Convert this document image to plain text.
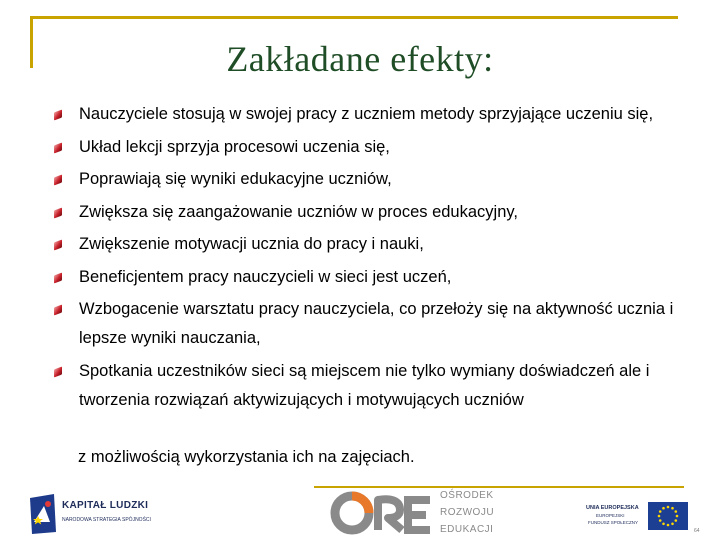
Zakładane efekty:
Nauczyciele stosują w swojej pracy z uczniem metody sprzyjające uczeniu się,
Układ lekcji sprzyja procesowi uczenia się,
Poprawiają się wyniki edukacyjne uczniów,
Zwiększa się zaangażowanie uczniów w proces edukacyjny,
Zwiększenie motywacji ucznia do pracy i nauki,
Beneficjentem pracy nauczycieli w sieci jest uczeń,
Wzbogacenie warsztatu pracy nauczyciela, co przełoży się na aktywność ucznia i lepsze wyniki nauczania,
Spotkania uczestników sieci są miejscem nie tylko wymiany doświadczeń ale i tworzenia rozwiązań aktywizujących i motywujących uczniów
z możliwością wykorzystania ich na zajęciach.
KAPITAŁ LUDZKI
NARODOWA STRATEGIA SPÓJNOŚCI
OŚRODEK
ROZWOJU
EDUKACJI
UNIA EUROPEJSKA
EUROPEJSKI
FUNDUSZ SPOŁECZNY
64
